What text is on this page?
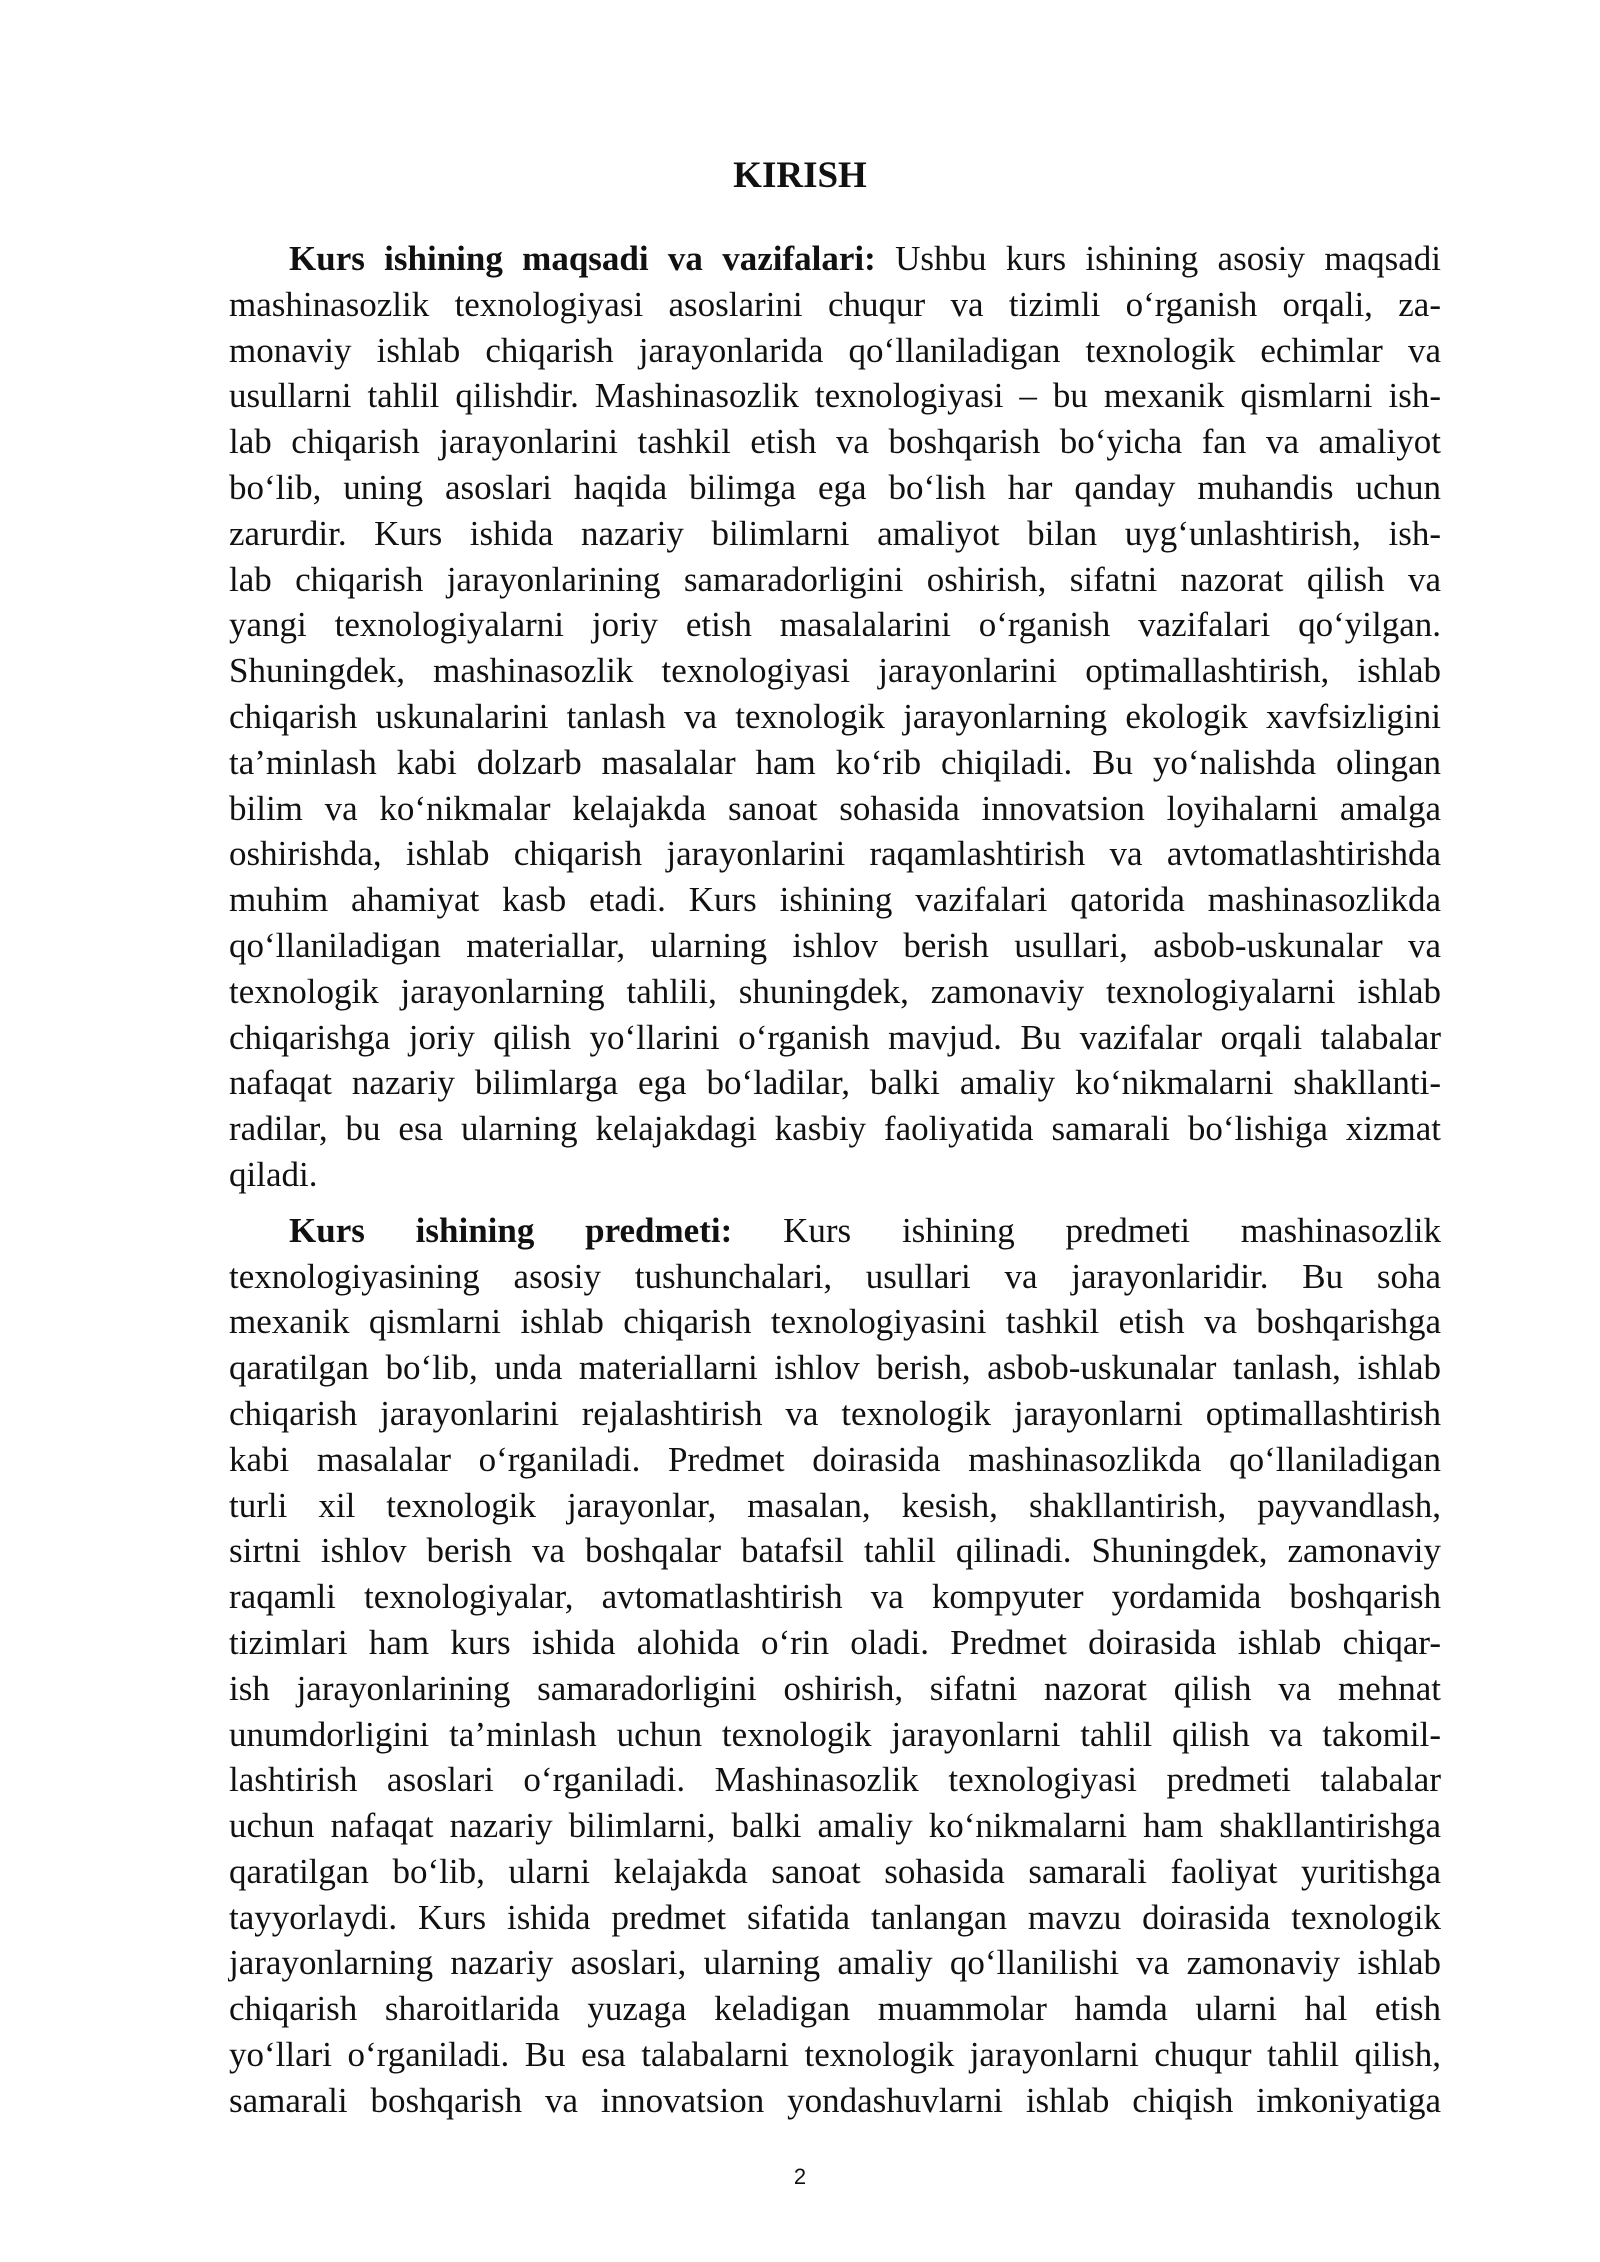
KIRISH
Kurs ishining maqsadi va vazifalari: Ushbu kurs ishining asosiy maqsadi
mashinasozlik texnologiyasi asoslarini chuqur va tizimli o‘rganish orqali, za-
monaviy ishlab chiqarish jarayonlarida qo‘llaniladigan texnologik echimlar va
usullarni tahlil qilishdir. Mashinasozlik texnologiyasi – bu mexanik qismlarni ish-
lab chiqarish jarayonlarini tashkil etish va boshqarish bo‘yicha fan va amaliyot
bo‘lib, uning asoslari haqida bilimga ega bo‘lish har qanday muhandis uchun
zarurdir. Kurs ishida nazariy bilimlarni amaliyot bilan uyg‘unlashtirish, ish-
lab chiqarish jarayonlarining samaradorligini oshirish, sifatni nazorat qilish va
yangi texnologiyalarni joriy etish masalalarini o‘rganish vazifalari qo‘yilgan.
Shuningdek, mashinasozlik texnologiyasi jarayonlarini optimallashtirish, ishlab
chiqarish uskunalarini tanlash va texnologik jarayonlarning ekologik xavfsizligini
ta’minlash kabi dolzarb masalalar ham ko‘rib chiqiladi. Bu yo‘nalishda olingan
bilim va ko‘nikmalar kelajakda sanoat sohasida innovatsion loyihalarni amalga
oshirishda, ishlab chiqarish jarayonlarini raqamlashtirish va avtomatlashtirishda
muhim ahamiyat kasb etadi. Kurs ishining vazifalari qatorida mashinasozlikda
qo‘llaniladigan materiallar, ularning ishlov berish usullari, asbob-uskunalar va
texnologik jarayonlarning tahlili, shuningdek, zamonaviy texnologiyalarni ishlab
chiqarishga joriy qilish yo‘llarini o‘rganish mavjud. Bu vazifalar orqali talabalar
nafaqat nazariy bilimlarga ega bo‘ladilar, balki amaliy ko‘nikmalarni shakllanti-
radilar, bu esa ularning kelajakdagi kasbiy faoliyatida samarali bo‘lishiga xizmat
qiladi.
Kurs ishining predmeti: Kurs ishining predmeti mashinasozlik
texnologiyasining asosiy tushunchalari, usullari va jarayonlaridir. Bu soha
mexanik qismlarni ishlab chiqarish texnologiyasini tashkil etish va boshqarishga
qaratilgan bo‘lib, unda materiallarni ishlov berish, asbob-uskunalar tanlash, ishlab
chiqarish jarayonlarini rejalashtirish va texnologik jarayonlarni optimallashtirish
kabi masalalar o‘rganiladi. Predmet doirasida mashinasozlikda qo‘llaniladigan
turli xil texnologik jarayonlar, masalan, kesish, shakllantirish, payvandlash,
sirtni ishlov berish va boshqalar batafsil tahlil qilinadi. Shuningdek, zamonaviy
raqamli texnologiyalar, avtomatlashtirish va kompyuter yordamida boshqarish
tizimlari ham kurs ishida alohida o‘rin oladi. Predmet doirasida ishlab chiqar-
ish jarayonlarining samaradorligini oshirish, sifatni nazorat qilish va mehnat
unumdorligini ta’minlash uchun texnologik jarayonlarni tahlil qilish va takomil-
lashtirish asoslari o‘rganiladi. Mashinasozlik texnologiyasi predmeti talabalar
uchun nafaqat nazariy bilimlarni, balki amaliy ko‘nikmalarni ham shakllantirishga
qaratilgan bo‘lib, ularni kelajakda sanoat sohasida samarali faoliyat yuritishga
tayyorlaydi. Kurs ishida predmet sifatida tanlangan mavzu doirasida texnologik
jarayonlarning nazariy asoslari, ularning amaliy qo‘llanilishi va zamonaviy ishlab
chiqarish sharoitlarida yuzaga keladigan muammolar hamda ularni hal etish
yo‘llari o‘rganiladi. Bu esa talabalarni texnologik jarayonlarni chuqur tahlil qilish,
samarali boshqarish va innovatsion yondashuvlarni ishlab chiqish imkoniyatiga
2
